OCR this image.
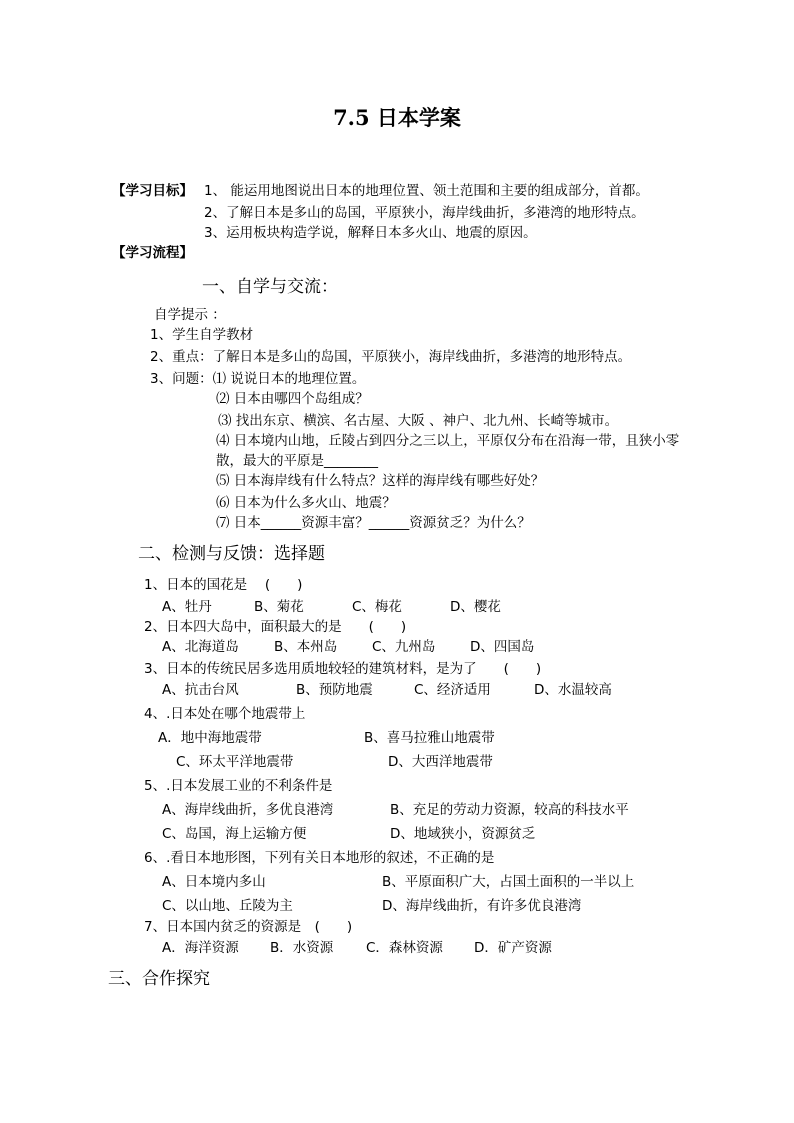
7.5 日本学案
【学习目标】 1、 能运用地图说出日本的地理位置、领土范围和主要的组成部分，首都。
2、了解日本是多山的岛国，平原狭小，海岸线曲折，多港湾的地形特点。
3、运用板块构造学说，解释日本多火山、地震的原因。
【学习流程】
一、自学与交流：
自学提示 ：
1、学生自学教材
2、重点：了解日本是多山的岛国，平原狭小，海岸线曲折，多港湾的地形特点。
3、问题：⑴ 说说日本的地理位置。
⑵ 日本由哪四个岛组成？
⑶ 找出东京、横滨、名古屋、大阪 、神户、北九州、长崎等城市。
⑷ 日本境内山地，丘陵占到四分之三以上，平原仅分布在沿海一带，且狭小零
散，最大的平原是________
⑸ 日本海岸线有什么特点？这样的海岸线有哪些好处？
⑹ 日本为什么多火山、地震？
⑺ 日本______资源丰富？______资源贫乏？为什么？
二、检测与反馈：选择题
1、日本的国花是　 (　　)
A、牡丹	B、菊花	C、梅花	D、樱花
2、日本四大岛中，面积最大的是　　(　　)
A、北海道岛	B、本州岛	C、九州岛	D、四国岛
3、日本的传统民居多选用质地较轻的建筑材料，是为了　　(　　)
A、抗击台风	B、预防地震	C、经济适用	D、水温较高
4、.日本处在哪个地震带上
A．地中海地震带	B、喜马拉雅山地震带
C、环太平洋地震带	D、大西洋地震带
5、.日本发展工业的不利条件是
A、海岸线曲折，多优良港湾	B、充足的劳动力资源，较高的科技水平
C、岛国，海上运输方便	D、地域狭小，资源贫乏
6、.看日本地形图，下列有关日本地形的叙述，不正确的是
A、日本境内多山	B、平原面积广大，占国土面积的一半以上
C、以山地、丘陵为主	D、海岸线曲折，有许多优良港湾
7、日本国内贫乏的资源是　(　　)
A．海洋资源 B．水资源 C．森林资源 D．矿产资源
三、合作探究
